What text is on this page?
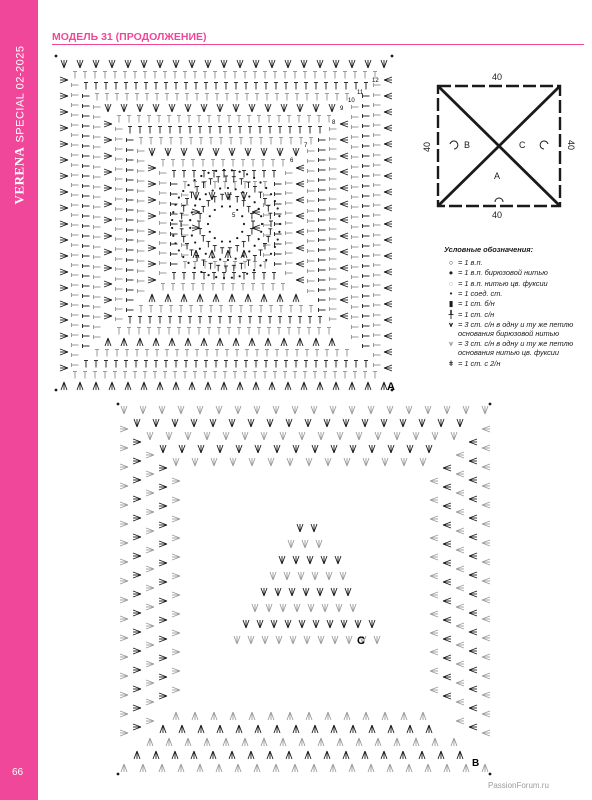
VERENASPECIAL 02-2025
66
МОДЕЛЬ 31 (ПРОДОЛЖЕНИЕ)
A
12
11
10
9
8
7
6
5
C
B
40
40
40	40
B	C
A
Условные обозначения:
○ = 1 в.п.
● = 1 в.п. бирюзовой нитью
○ = 1 в.п. нитью цв. фуксии
• = 1 соед. ст.
▮ = 1 ст. б/н
╀ = 1 ст. с/н
⩛ = 3 ст. с/н в одну и ту же петлю основания бирюзовой нитью
⩛ = 3 ст. с/н в одну и ту же петлю основания нитью цв. фуксии
ǂ = 1 ст. с 2/н
PassionForum.ru
